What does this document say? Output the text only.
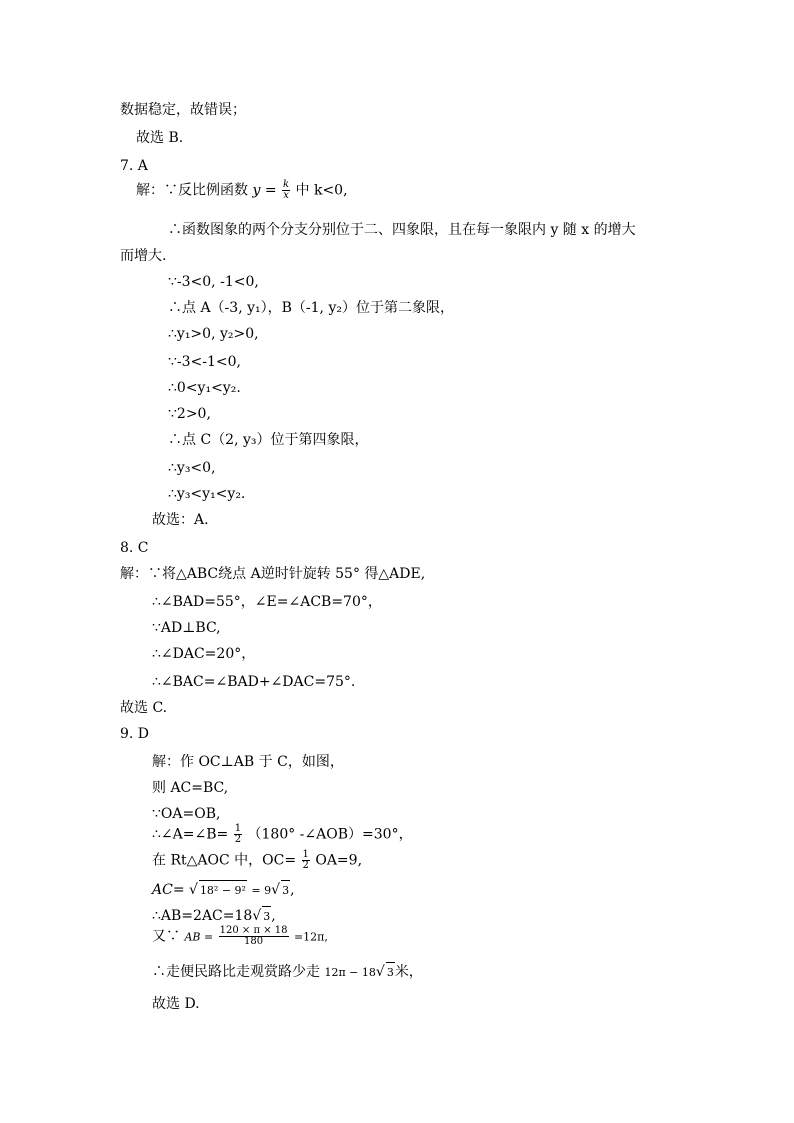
数据稳定，故错误；
故选 B.
7. A
解：∵反比例函数 $y = \frac{k}{x}$ 中 k<0,
∴函数图象的两个分支分别位于二、四象限，且在每一象限内 y 随 x 的增大
而增大.
∵-3<0, -1<0,
∴点 A（-3, y₁），B（-1, y₂）位于第二象限，
∴y₁>0, y₂>0,
∵-3<-1<0,
∴0<y₁<y₂.
∵2>0,
∴点 C（2, y₃）位于第四象限，
∴y₃<0,
∴y₃<y₁<y₂.
故选：A.
8. C
解：∵将△ABC绕点 A逆时针旋转 55° 得△ADE,
∴∠BAD=55°，∠E=∠ACB=70°，
∵AD⊥BC,
∴∠DAC=20°，
∴∠BAC=∠BAD+∠DAC=75°.
故选 C.
9. D
解：作 OC⊥AB 于 C，如图，
则 AC=BC,
∵OA=OB,
∴∠A=∠B= $\frac{1}{2} (180^\circ$ -∠AOB）=30°，
在 Rt△AOC 中，$OC= \frac{1}{2} OA=9$,
AC= √ 18² − 9² = 9√ 3,
∴AB=2AC=18√ 3,
又∵ AB = $\frac{120 \times \pi \times 18}{180} =12\pi$,
∴走便民路比走观赏路少走 12π − 18√ 3米，
故选 D.
